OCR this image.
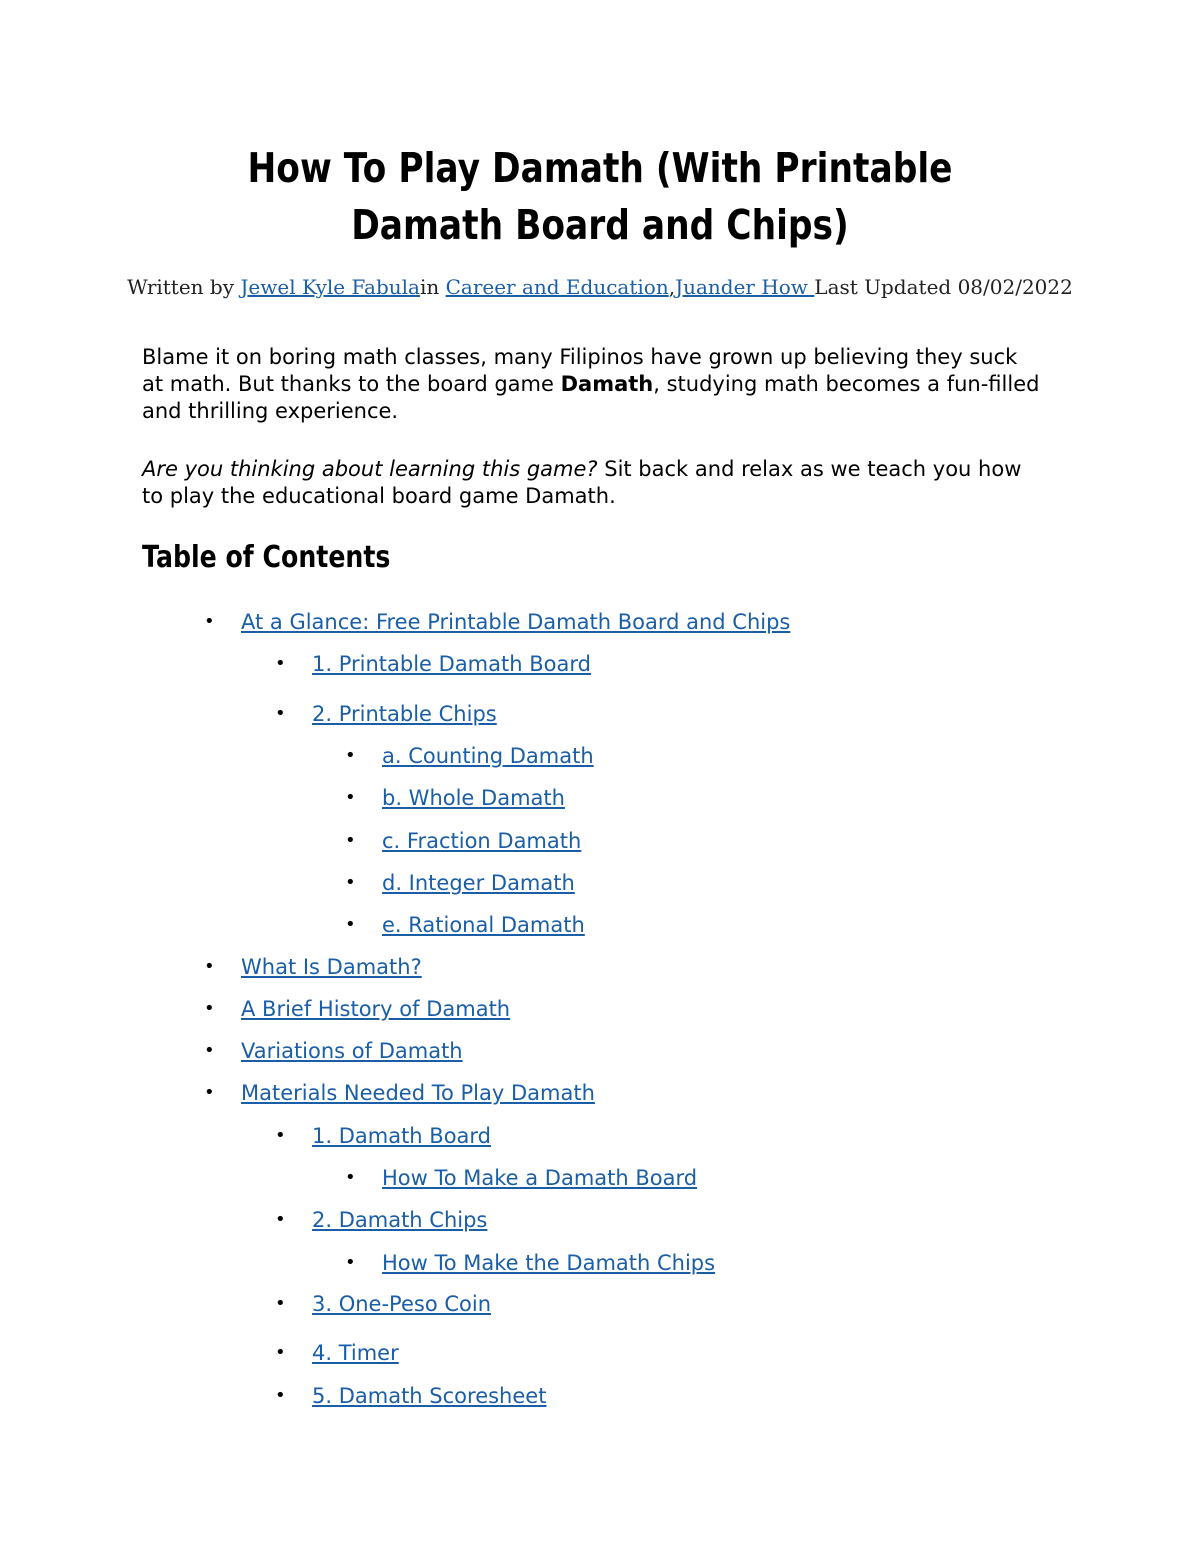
How To Play Damath (With Printable Damath Board and Chips)

Written by Jewel Kyle Fabulain Career and Education,Juander How Last Updated 08/02/2022

Blame it on boring math classes, many Filipinos have grown up believing they suck at math. But thanks to the board game Damath, studying math becomes a fun-filled and thrilling experience.

Are you thinking about learning this game? Sit back and relax as we teach you how to play the educational board game Damath.

Table of Contents
• At a Glance: Free Printable Damath Board and Chips
• 1. Printable Damath Board
• 2. Printable Chips
• a. Counting Damath
• b. Whole Damath
• c. Fraction Damath
• d. Integer Damath
• e. Rational Damath
• What Is Damath?
• A Brief History of Damath
• Variations of Damath
• Materials Needed To Play Damath
• 1. Damath Board
• How To Make a Damath Board
• 2. Damath Chips
• How To Make the Damath Chips
• 3. One-Peso Coin
• 4. Timer
• 5. Damath Scoresheet
